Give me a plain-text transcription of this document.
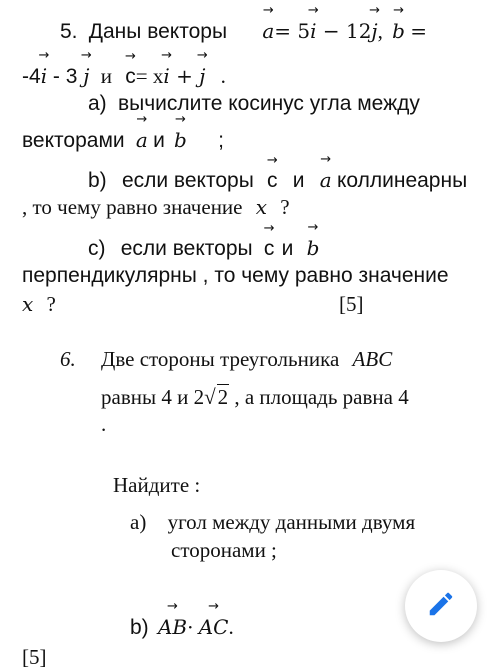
5. Даны векторы → a= 5→ i − 12→ j, → b =
-4→ i - 3 → j и → c= x→ i + → j .
а) вычислите косинус угла между
векторами → a и → b ;
b) если векторы → c и → a коллинеарны
, то чему равно значение x ?
c) если векторы → c и → b
перпендикулярны , то чему равно значение
x ?	[5]
6. Две стороны треугольника ABC
равны 4 и 2√2 , а площадь равна 4
.
Найдите :
а) угол между данными двумя
сторонами ;
b) → AB· → AC.
[5]
